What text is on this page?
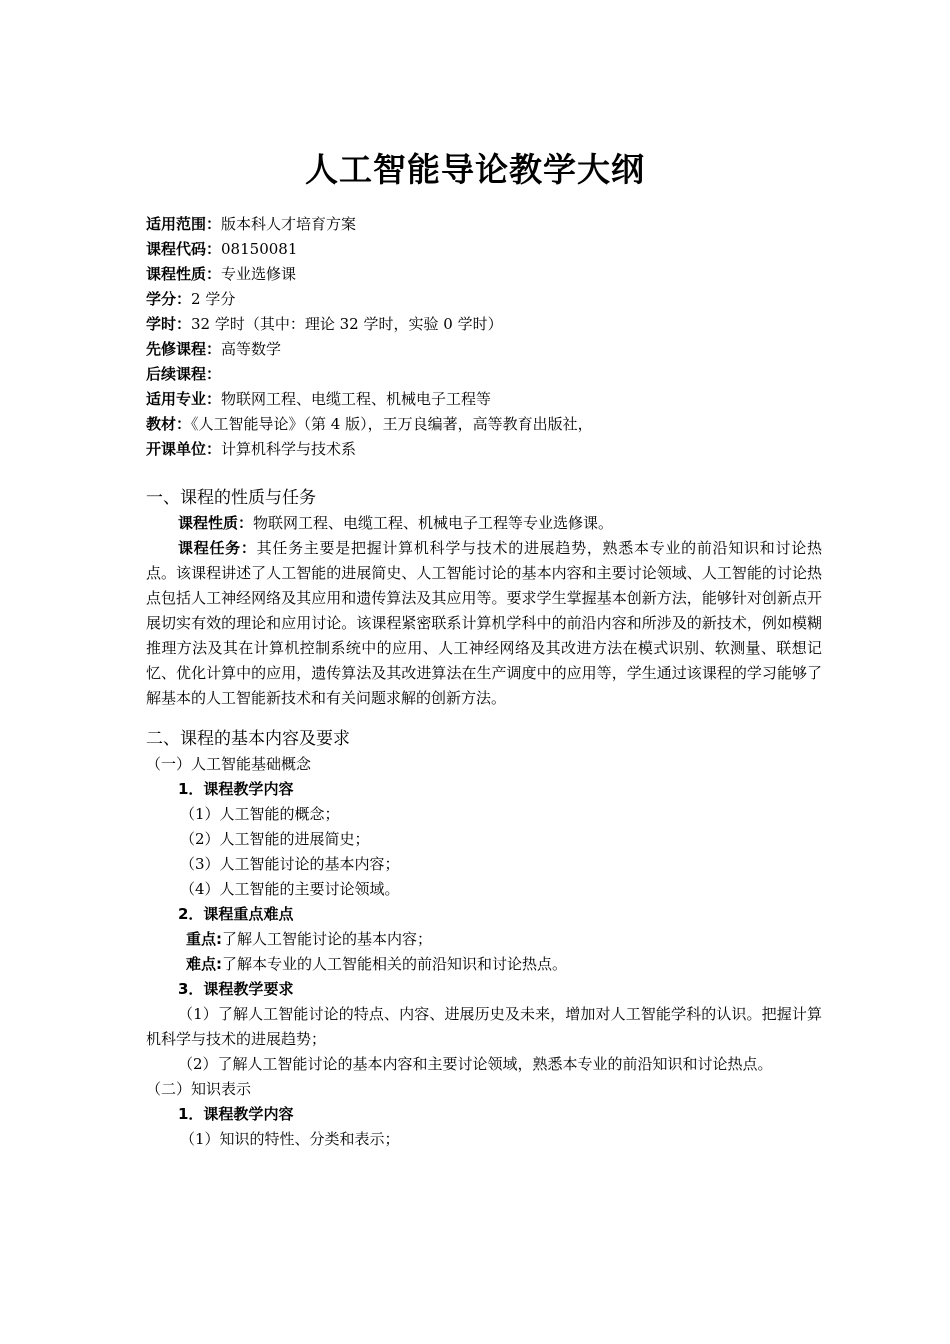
人工智能导论教学大纲
适用范围：版本科人才培育方案
课程代码：08150081
课程性质：专业选修课
学分：2 学分
学时：32 学时（其中：理论 32 学时，实验 0 学时）
先修课程：高等数学
后续课程：
适用专业：物联网工程、电缆工程、机械电子工程等
教材：《人工智能导论》（第 4 版），王万良编著，高等教育出版社，
开课单位：计算机科学与技术系
一、课程的性质与任务

课程性质：物联网工程、电缆工程、机械电子工程等专业选修课。

课程任务：其任务主要是把握计算机科学与技术的进展趋势，熟悉本专业的前沿知识和讨论热点。该课程讲述了人工智能的进展简史、人工智能讨论的基本内容和主要讨论领域、人工智能的讨论热点包括人工神经网络及其应用和遗传算法及其应用等。要求学生掌握基本创新方法，能够针对创新点开展切实有效的理论和应用讨论。该课程紧密联系计算机学科中的前沿内容和所涉及的新技术，例如模糊推理方法及其在计算机控制系统中的应用、人工神经网络及其改进方法在模式识别、软测量、联想记忆、优化计算中的应用，遗传算法及其改进算法在生产调度中的应用等，学生通过该课程的学习能够了解基本的人工智能新技术和有关问题求解的创新方法。

二、课程的基本内容及要求
（一）人工智能基础概念
1．课程教学内容
（1）人工智能的概念；
（2）人工智能的进展简史；
（3）人工智能讨论的基本内容；
（4）人工智能的主要讨论领域。
2．课程重点难点
重点:了解人工智能讨论的基本内容；
难点:了解本专业的人工智能相关的前沿知识和讨论热点。
3．课程教学要求

（1）了解人工智能讨论的特点、内容、进展历史及未来，增加对人工智能学科的认识。把握计算机科学与技术的进展趋势；

（2）了解人工智能讨论的基本内容和主要讨论领域，熟悉本专业的前沿知识和讨论热点。

（二）知识表示
1．课程教学内容
（1）知识的特性、分类和表示；
